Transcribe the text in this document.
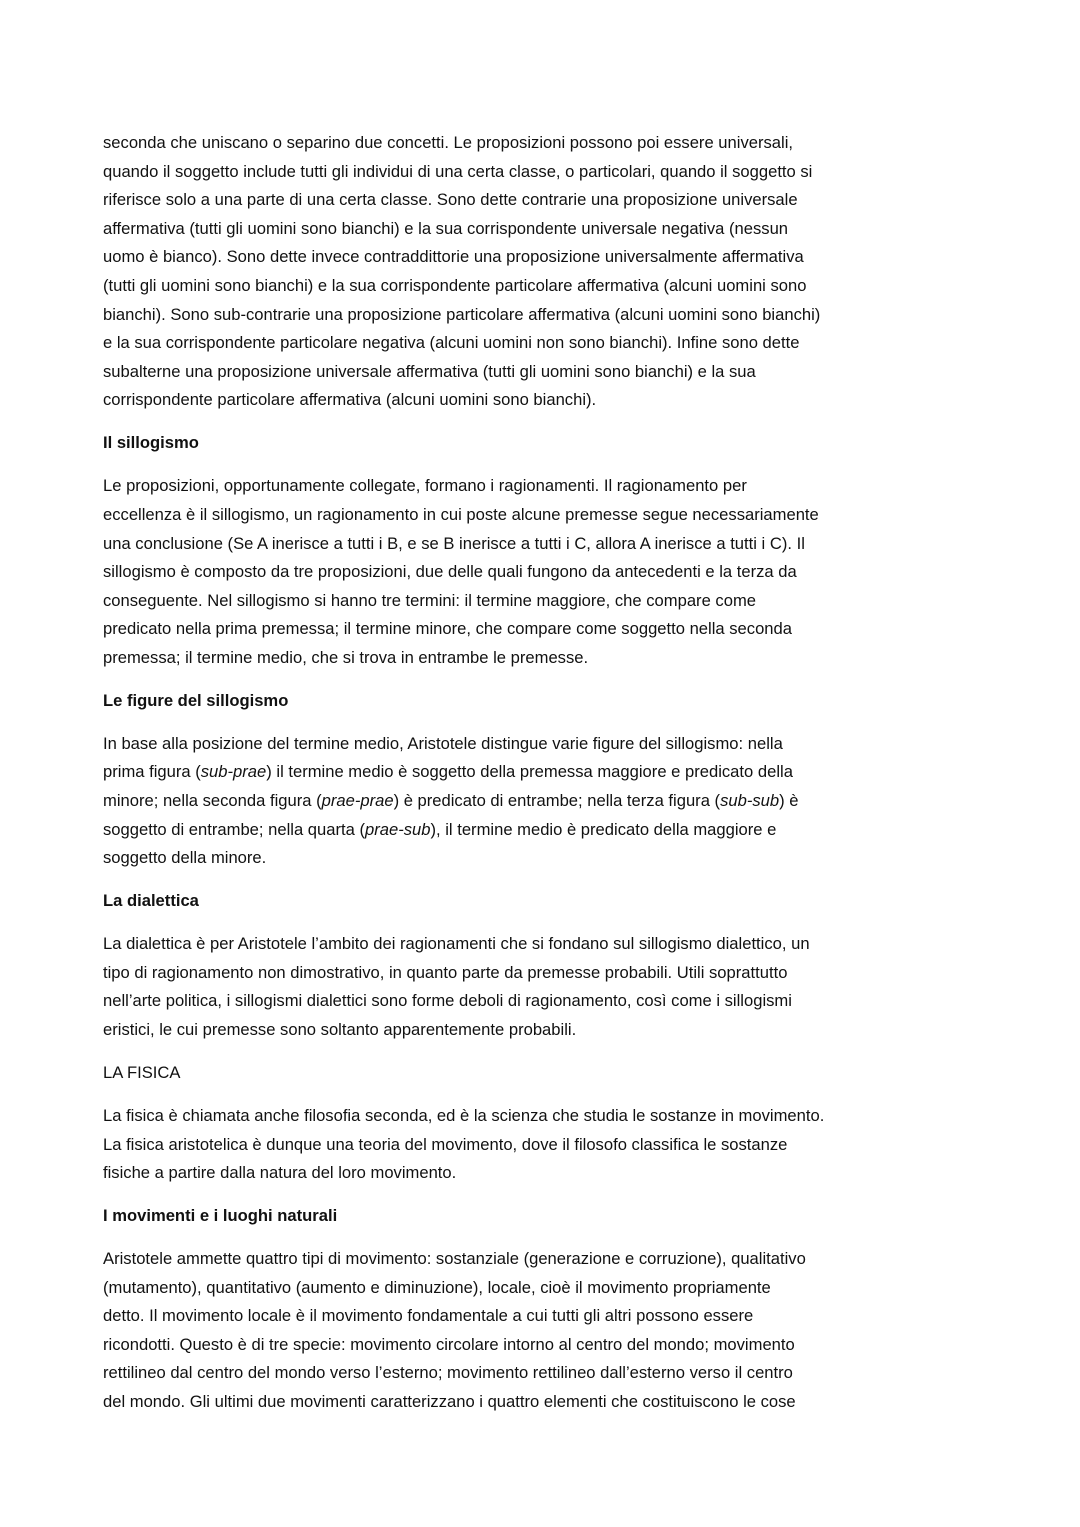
seconda che uniscano o separino due concetti. Le proposizioni possono poi essere universali,
quando il soggetto include tutti gli individui di una certa classe, o particolari, quando il soggetto si
riferisce solo a una parte di una certa classe. Sono dette contrarie una proposizione universale
affermativa (tutti gli uomini sono bianchi) e la sua corrispondente universale negativa (nessun
uomo è bianco). Sono dette invece contraddittorie una proposizione universalmente affermativa
(tutti gli uomini sono bianchi) e la sua corrispondente particolare affermativa (alcuni uomini sono
bianchi). Sono sub-contrarie una proposizione particolare affermativa (alcuni uomini sono bianchi)
e la sua corrispondente particolare negativa (alcuni uomini non sono bianchi). Infine sono dette
subalterne una proposizione universale affermativa (tutti gli uomini sono bianchi) e la sua
corrispondente particolare affermativa (alcuni uomini sono bianchi).
Il sillogismo
Le proposizioni, opportunamente collegate, formano i ragionamenti. Il ragionamento per
eccellenza è il sillogismo, un ragionamento in cui poste alcune premesse segue necessariamente
una conclusione (Se A inerisce a tutti i B, e se B inerisce a tutti i C, allora A inerisce a tutti i C). Il
sillogismo è composto da tre proposizioni, due delle quali fungono da antecedenti e la terza da
conseguente. Nel sillogismo si hanno tre termini: il termine maggiore, che compare come
predicato nella prima premessa; il termine minore, che compare come soggetto nella seconda
premessa; il termine medio, che si trova in entrambe le premesse.
Le figure del sillogismo
In base alla posizione del termine medio, Aristotele distingue varie figure del sillogismo: nella
prima figura (sub-prae) il termine medio è soggetto della premessa maggiore e predicato della
minore; nella seconda figura (prae-prae) è predicato di entrambe; nella terza figura (sub-sub) è
soggetto di entrambe; nella quarta (prae-sub), il termine medio è predicato della maggiore e
soggetto della minore.
La dialettica
La dialettica è per Aristotele l’ambito dei ragionamenti che si fondano sul sillogismo dialettico, un
tipo di ragionamento non dimostrativo, in quanto parte da premesse probabili. Utili soprattutto
nell’arte politica, i sillogismi dialettici sono forme deboli di ragionamento, così come i sillogismi
eristici, le cui premesse sono soltanto apparentemente probabili.
LA FISICA
La fisica è chiamata anche filosofia seconda, ed è la scienza che studia le sostanze in movimento.
La fisica aristotelica è dunque una teoria del movimento, dove il filosofo classifica le sostanze
fisiche a partire dalla natura del loro movimento.
I movimenti e i luoghi naturali
Aristotele ammette quattro tipi di movimento: sostanziale (generazione e corruzione), qualitativo
(mutamento), quantitativo (aumento e diminuzione), locale, cioè il movimento propriamente
detto. Il movimento locale è il movimento fondamentale a cui tutti gli altri possono essere
ricondotti. Questo è di tre specie: movimento circolare intorno al centro del mondo; movimento
rettilineo dal centro del mondo verso l’esterno; movimento rettilineo dall’esterno verso il centro
del mondo. Gli ultimi due movimenti caratterizzano i quattro elementi che costituiscono le cose
